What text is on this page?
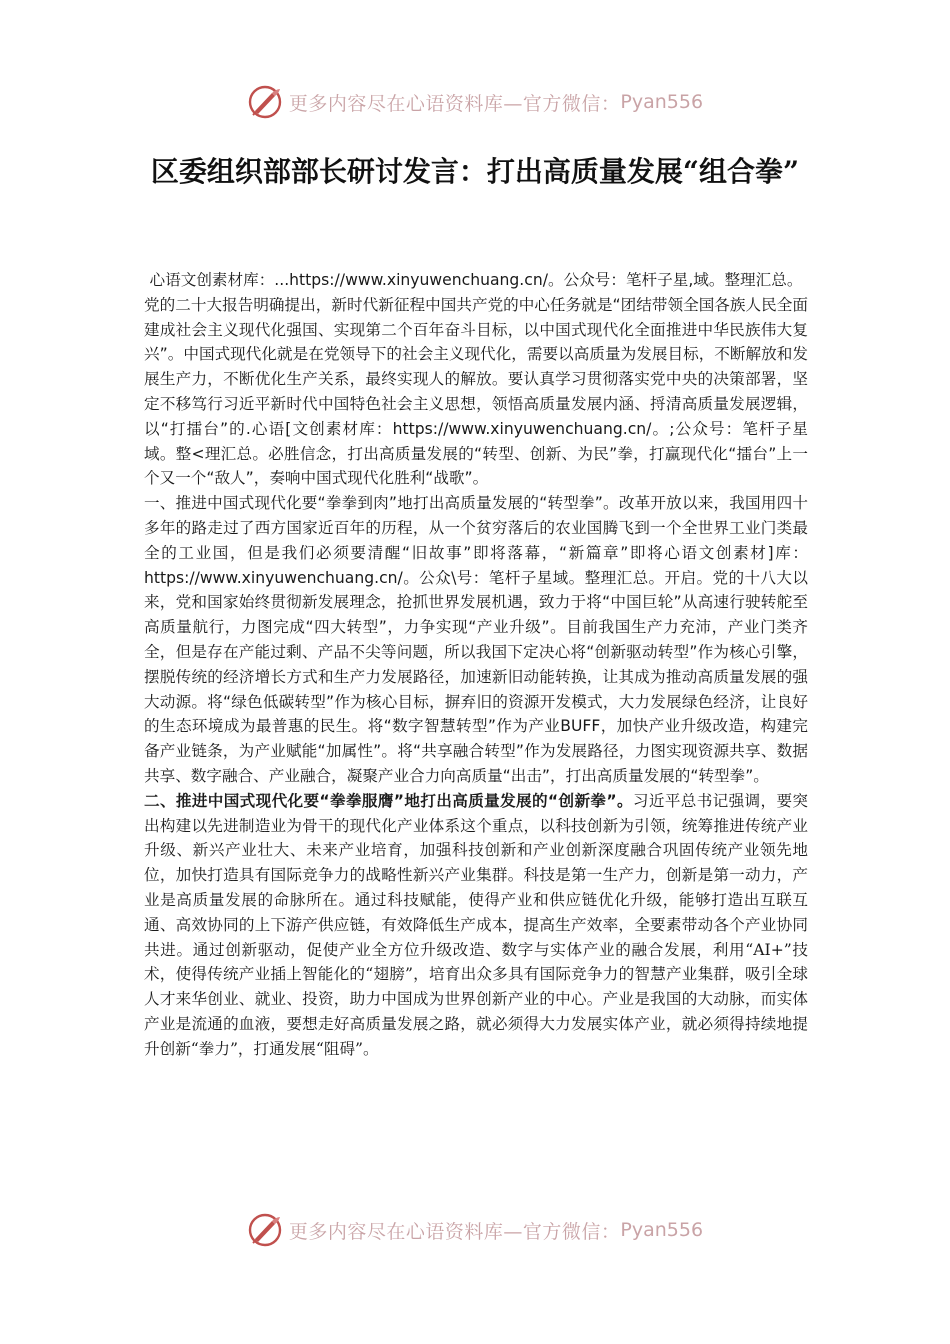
更多内容尽在心语资料库—官方微信： Pyan556
区委组织部部长研讨发言：打出高质量发展“组合拳”

心语文创素材库：...https://www.xinyuwenchuang.cn/。公众号：笔杆子星,域。整理汇总。

党的二十大报告明确提出，新时代新征程中国共产党的中心任务就是“团结带领全国各族人民全面建成社会主义现代化强国、实现第二个百年奋斗目标，以中国式现代化全面推进中华民族伟大复兴”。中国式现代化就是在党领导下的社会主义现代化，需要以高质量为发展目标，不断解放和发展生产力，不断优化生产关系，最终实现人的解放。要认真学习贯彻落实党中央的决策部署，坚定不移笃行习近平新时代中国特色社会主义思想，领悟高质量发展内涵、捋清高质量发展逻辑，以“打擂台”的.心语[文创素材库：https://www.xinyuwenchuang.cn/。;公众号：笔杆子星域。整<理汇总。必胜信念，打出高质量发展的“转型、创新、为民”拳，打赢现代化“擂台”上一个又一个“敌人”，奏响中国式现代化胜利“战歌”。

一、推进中国式现代化要“拳拳到肉”地打出高质量发展的“转型拳”。改革开放以来，我国用四十多年的路走过了西方国家近百年的历程，从一个贫穷落后的农业国腾飞到一个全世界工业门类最全的工业国，但是我们必须要清醒“旧故事”即将落幕，“新篇章”即将心语文创素材]库：https://www.xinyuwenchuang.cn/。公众\号：笔杆子星域。整理汇总。开启。党的十八大以来，党和国家始终贯彻新发展理念，抢抓世界发展机遇，致力于将“中国巨轮”从高速行驶转舵至高质量航行，力图完成“四大转型”，力争实现“产业升级”。目前我国生产力充沛，产业门类齐全，但是存在产能过剩、产品不尖等问题，所以我国下定决心将“创新驱动转型”作为核心引擎，摆脱传统的经济增长方式和生产力发展路径，加速新旧动能转换，让其成为推动高质量发展的强大动源。将“绿色低碳转型”作为核心目标，摒弃旧的资源开发模式，大力发展绿色经济，让良好的生态环境成为最普惠的民生。将“数字智慧转型”作为产业BUFF，加快产业升级改造，构建完备产业链条，为产业赋能“加属性”。将“共享融合转型”作为发展路径，力图实现资源共享、数据共享、数字融合、产业融合，凝聚产业合力向高质量“出击”，打出高质量发展的“转型拳”。

二、推进中国式现代化要“拳拳服膺”地打出高质量发展的“创新拳”。习近平总书记强调，要突出构建以先进制造业为骨干的现代化产业体系这个重点，以科技创新为引领，统筹推进传统产业升级、新兴产业壮大、未来产业培育，加强科技创新和产业创新深度融合巩固传统产业领先地位，加快打造具有国际竞争力的战略性新兴产业集群。科技是第一生产力，创新是第一动力，产业是高质量发展的命脉所在。通过科技赋能，使得产业和供应链优化升级，能够打造出互联互通、高效协同的上下游产供应链，有效降低生产成本，提高生产效率，全要素带动各个产业协同共进。通过创新驱动，促使产业全方位升级改造、数字与实体产业的融合发展，利用“AI+”技术，使得传统产业插上智能化的“翅膀”，培育出众多具有国际竞争力的智慧产业集群，吸引全球人才来华创业、就业、投资，助力中国成为世界创新产业的中心。产业是我国的大动脉，而实体产业是流通的血液，要想走好高质量发展之路，就必须得大力发展实体产业，就必须得持续地提升创新“拳力”，打通发展“阻碍”。

更多内容尽在心语资料库—官方微信： Pyan556
